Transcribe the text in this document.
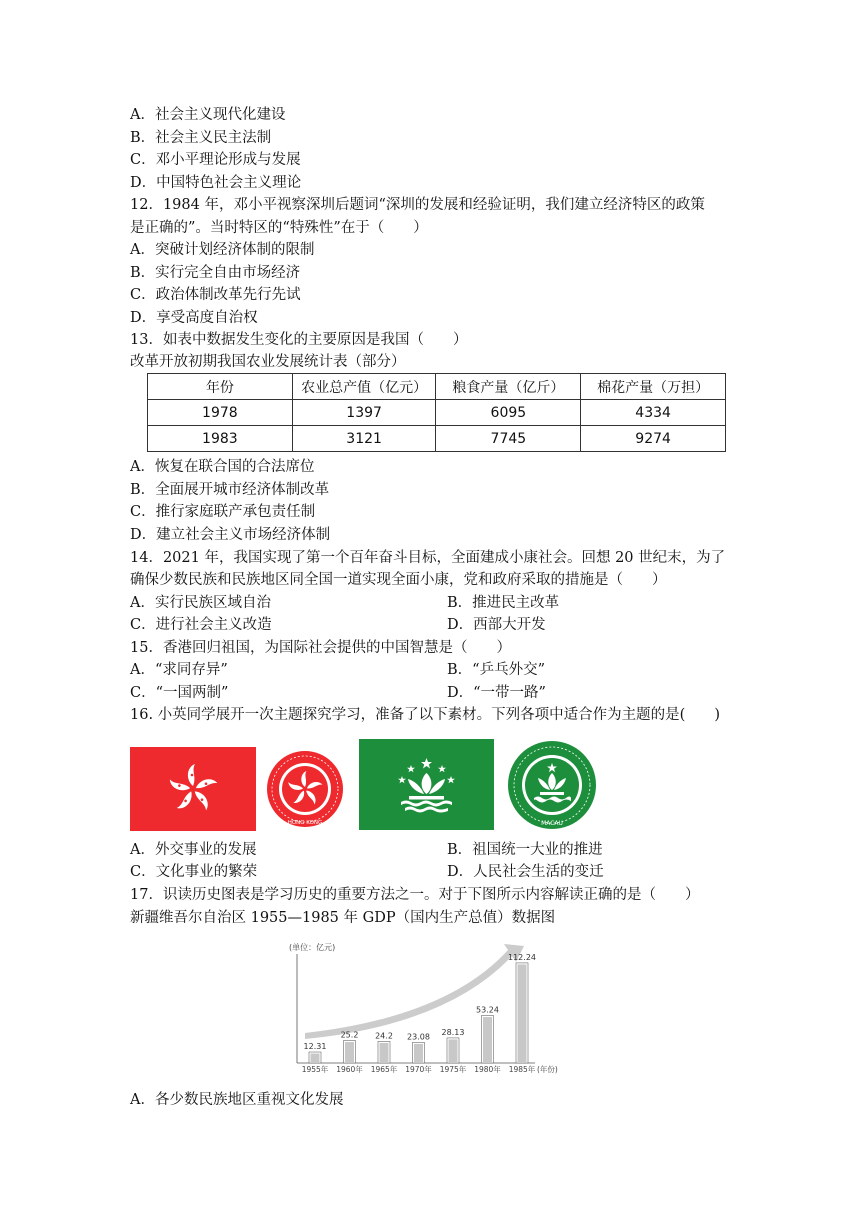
A．社会主义现代化建设
B．社会主义民主法制
C．邓小平理论形成与发展
D．中国特色社会主义理论
12．1984 年，邓小平视察深圳后题词“深圳的发展和经验证明，我们建立经济特区的政策
是正确的”。当时特区的“特殊性”在于（　　）
A．突破计划经济体制的限制
B．实行完全自由市场经济
C．政治体制改革先行先试
D．享受高度自治权
13．如表中数据发生变化的主要原因是我国（　　）
改革开放初期我国农业发展统计表（部分）
年份	农业总产值（亿元）	粮食产量（亿斤）	棉花产量（万担）
1978	1397	6095	4334
1983	3121	7745	9274
A．恢复在联合国的合法席位
B．全面展开城市经济体制改革
C．推行家庭联产承包责任制
D．建立社会主义市场经济体制
14．2021 年，我国实现了第一个百年奋斗目标，全面建成小康社会。回想 20 世纪末，为了
确保少数民族和民族地区同全国一道实现全面小康，党和政府采取的措施是（　　）
A．实行民族区域自治	B．推进民主改革
C．进行社会主义改造	D．西部大开发
15．香港回归祖国，为国际社会提供的中国智慧是（　　）
A．“求同存异”	B．“乒乓外交”
C．“一国两制”	D．“一带一路”
16. 小英同学展开一次主题探究学习，准备了以下素材。下列各项中适合作为主题的是(　　)
HONG KONG	MACAU
A．外交事业的发展	B．祖国统一大业的推进
C．文化事业的繁荣	D．人民社会生活的变迁
17．识读历史图表是学习历史的重要方法之一。对于下图所示内容解读正确的是（　　）
新疆维吾尔自治区 1955—1985 年 GDP（国内生产总值）数据图
(单位：亿元)
12.31
1955年
25.2
1960年
24.2
1965年
23.08
1970年
28.13
1975年
53.24
1980年
112.24
1985年 (年份)
A．各少数民族地区重视文化发展
